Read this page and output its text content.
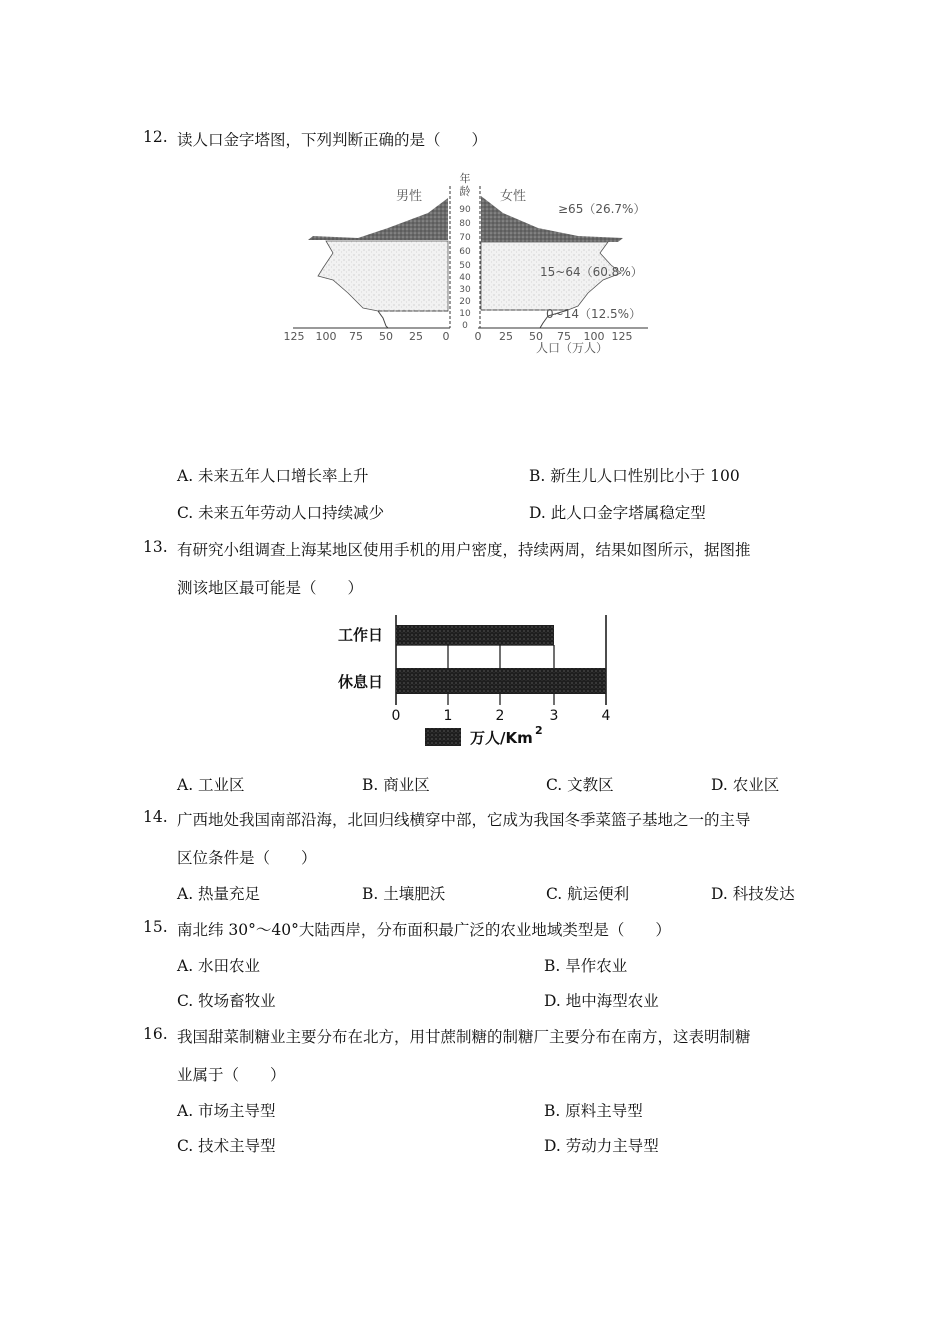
12. 读人口金字塔图，下列判断正确的是（　　）
年
龄
90
80
70
60
50
40
30
20
10
0
男性	女性
≥65（26.7%）
15~64（60.8%）
0~14（12.5%）
125 100 75 50 25 0 0 25 50 75 100 125
人口（万人）
A. 未来五年人口增长率上升	B. 新生儿人口性别比小于 100
C. 未来五年劳动人口持续减少	D. 此人口金字塔属稳定型
13. 有研究小组调查上海某地区使用手机的用户密度，持续两周，结果如图所示，据图推
测该地区最可能是（　　）
工作日
休息日
0	1	2	3	4
万人/Km 2
A. 工业区	B. 商业区	C. 文教区	D. 农业区
14. 广西地处我国南部沿海，北回归线横穿中部，它成为我国冬季菜篮子基地之一的主导
区位条件是（　　）
A. 热量充足	B. 土壤肥沃	C. 航运便利	D. 科技发达
15. 南北纬 30°～40°大陆西岸，分布面积最广泛的农业地域类型是（　　）
A. 水田农业	B. 旱作农业
C. 牧场畜牧业	D. 地中海型农业
16. 我国甜菜制糖业主要分布在北方，用甘蔗制糖的制糖厂主要分布在南方，这表明制糖
业属于（　　）
A. 市场主导型	B. 原料主导型
C. 技术主导型	D. 劳动力主导型
